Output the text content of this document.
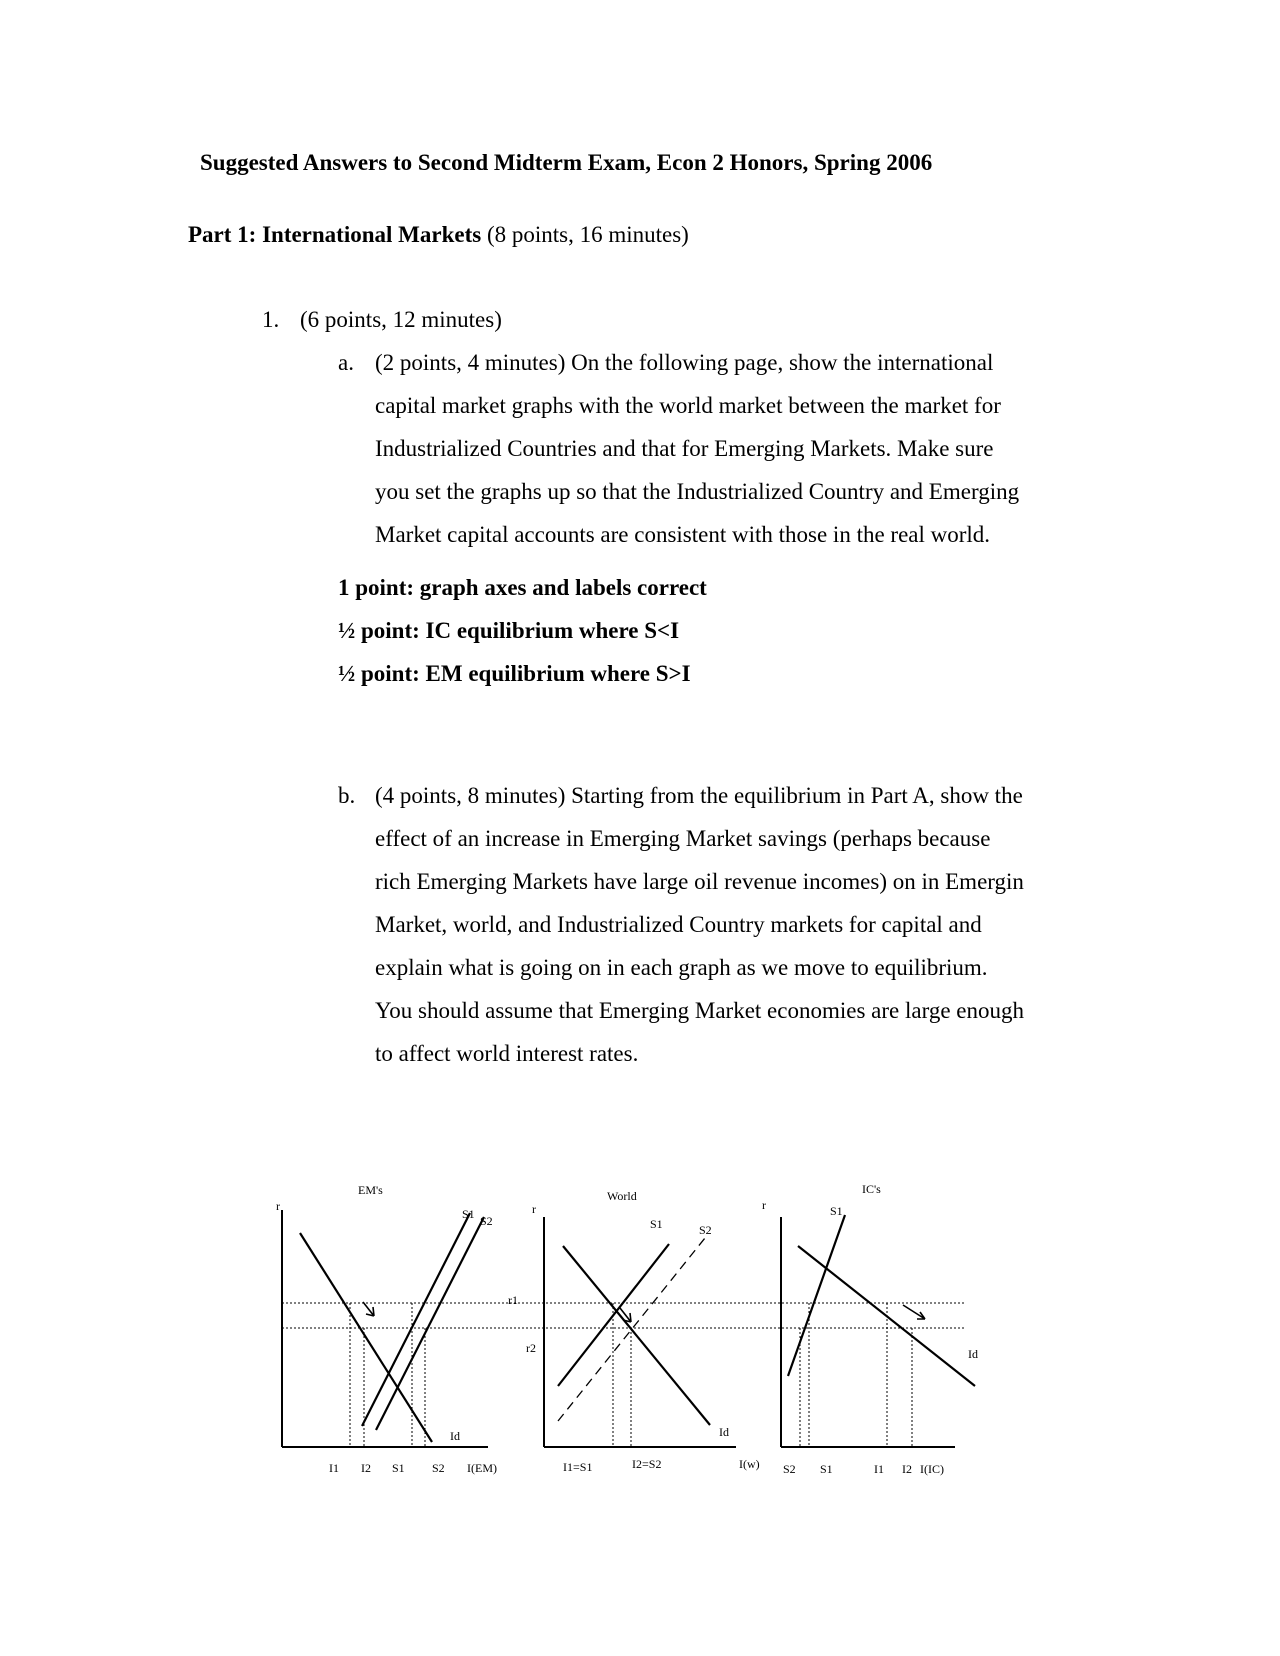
Suggested Answers to Second Midterm Exam, Econ 2 Honors, Spring 2006
Part 1: International Markets (8 points, 16 minutes)
1. (6 points, 12 minutes)
a. (2 points, 4 minutes) On the following page, show the international
capital market graphs with the world market between the market for
Industrialized Countries and that for Emerging Markets. Make sure
you set the graphs up so that the Industrialized Country and Emerging
Market capital accounts are consistent with those in the real world.
1 point: graph axes and labels correct
½ point: IC equilibrium where S<I
½ point: EM equilibrium where S>I
b. (4 points, 8 minutes) Starting from the equilibrium in Part A, show the
effect of an increase in Emerging Market savings (perhaps because
rich Emerging Markets have large oil revenue incomes) on in Emergin
Market, world, and Industrialized Country markets for capital and
explain what is going on in each graph as we move to equilibrium.
You should assume that Emerging Market economies are large enough
to affect world interest rates.
r
EM's
S1 S2
Id
I1 I2 S1 S2 I(EM)
r
World
r1
r2
S1	S2
Id
I1=S1	I2=S2	I(w)
r
IC's
S1
Id
S2 S1	I1 I2 I(IC)
